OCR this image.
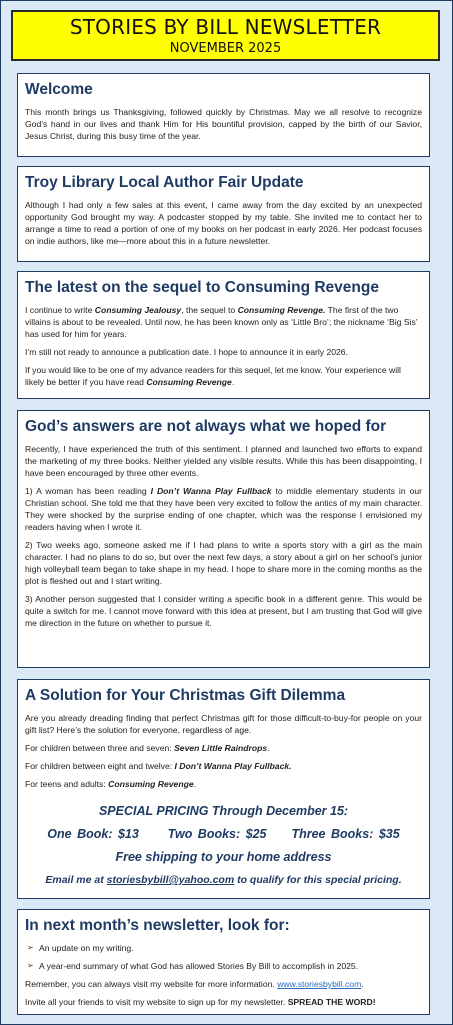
STORIES BY BILL NEWSLETTER
NOVEMBER 2025
Welcome

This month brings us Thanksgiving, followed quickly by Christmas. May we all resolve to recognize God’s hand in our lives and thank Him for His bountiful provision, capped by the birth of our Savior, Jesus Christ, during this busy time of the year.

Troy Library Local Author Fair Update

Although I had only a few sales at this event, I came away from the day excited by an unexpected opportunity God brought my way. A podcaster stopped by my table. She invited me to contact her to arrange a time to read a portion of one of my books on her podcast in early 2026. Her podcast focuses on indie authors, like me—more about this in a future newsletter.

The latest on the sequel to Consuming Revenge

I continue to write Consuming Jealousy, the sequel to Consuming Revenge. The first of the two villains is about to be revealed. Until now, he has been known only as ‘Little Bro’; the nickname ‘Big Sis’ has used for him for years.

I’m still not ready to announce a publication date. I hope to announce it in early 2026.

If you would like to be one of my advance readers for this sequel, let me know. Your experience will likely be better if you have read Consuming Revenge.

God’s answers are not always what we hoped for

Recently, I have experienced the truth of this sentiment. I planned and launched two efforts to expand the marketing of my three books. Neither yielded any visible results. While this has been disappointing, I have been encouraged by three other events.

1) A woman has been reading I Don’t Wanna Play Fullback to middle elementary students in our Christian school. She told me that they have been very excited to follow the antics of my main character. They were shocked by the surprise ending of one chapter, which was the response I envisioned my readers having when I wrote it.

2) Two weeks ago, someone asked me if I had plans to write a sports story with a girl as the main character. I had no plans to do so, but over the next few days, a story about a girl on her school’s junior high volleyball team began to take shape in my head. I hope to share more in the coming months as the plot is fleshed out and I start writing.

3) Another person suggested that I consider writing a specific book in a different genre. This would be quite a switch for me. I cannot move forward with this idea at present, but I am trusting that God will give me direction in the future on whether to pursue it.

A Solution for Your Christmas Gift Dilemma

Are you already dreading finding that perfect Christmas gift for those difficult-to-buy-for people on your gift list? Here’s the solution for everyone, regardless of age.

For children between three and seven: Seven Little Raindrops.

For children between eight and twelve: I Don’t Wanna Play Fullback.

For teens and adults: Consuming Revenge.

SPECIAL PRICING Through December 15:
One Book: $13 Two Books: $25 Three Books: $35
Free shipping to your home address
Email me at storiesbybill@yahoo.com to qualify for this special pricing.
In next month’s newsletter, look for:
➢ An update on my writing.
➢ A year-end summary of what God has allowed Stories By Bill to accomplish in 2025.

Remember, you can always visit my website for more information. www.storiesbybill.com.

Invite all your friends to visit my website to sign up for my newsletter. SPREAD THE WORD!
